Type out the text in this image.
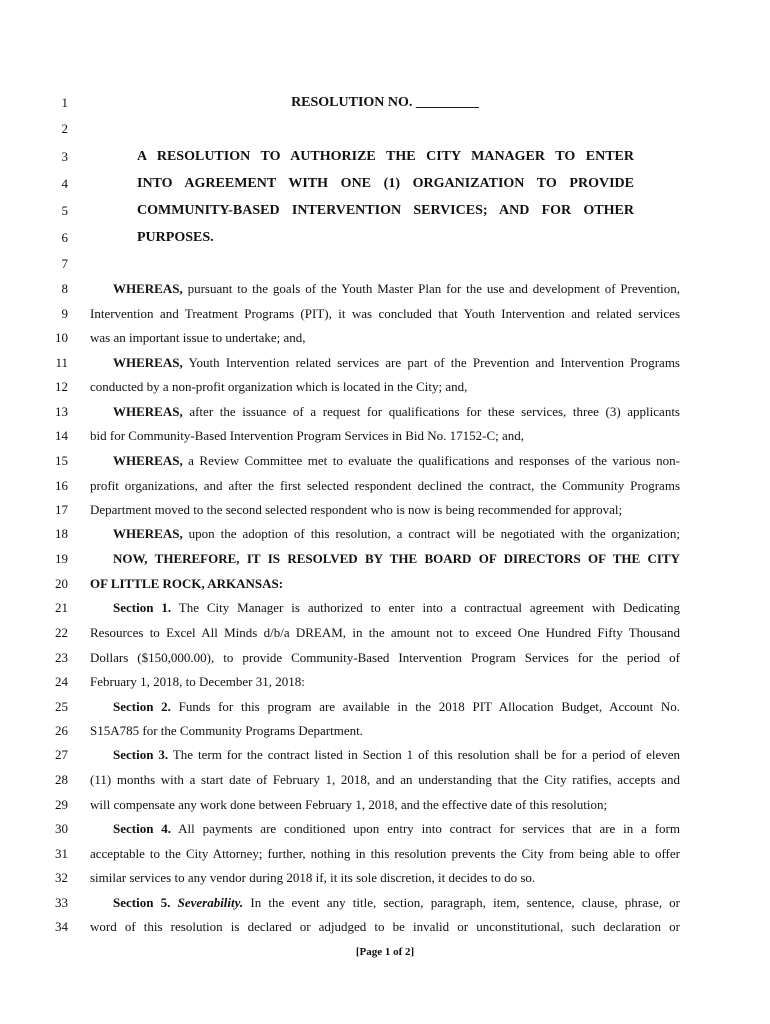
1	RESOLUTION NO. _________
2
3	A RESOLUTION TO AUTHORIZE THE CITY MANAGER TO ENTER
4	INTO AGREEMENT WITH ONE (1) ORGANIZATION TO PROVIDE
5	COMMUNITY-BASED INTERVENTION SERVICES; AND FOR OTHER
6	PURPOSES.
7
8	WHEREAS, pursuant to the goals of the Youth Master Plan for the use and development of Prevention,
9 Intervention and Treatment Programs (PIT), it was concluded that Youth Intervention and related services
10 was an important issue to undertake; and,
11	WHEREAS, Youth Intervention related services are part of the Prevention and Intervention Programs
12 conducted by a non-profit organization which is located in the City; and,
13	WHEREAS, after the issuance of a request for qualifications for these services, three (3) applicants
14 bid for Community-Based Intervention Program Services in Bid No. 17152-C; and,
15	WHEREAS, a Review Committee met to evaluate the qualifications and responses of the various non-
16 profit organizations, and after the first selected respondent declined the contract, the Community Programs
17 Department moved to the second selected respondent who is now is being recommended for approval;
18	WHEREAS, upon the adoption of this resolution, a contract will be negotiated with the organization;
19	NOW, THEREFORE, IT IS RESOLVED BY THE BOARD OF DIRECTORS OF THE CITY
20 OF LITTLE ROCK, ARKANSAS:
21	Section 1. The City Manager is authorized to enter into a contractual agreement with Dedicating
22 Resources to Excel All Minds d/b/a DREAM, in the amount not to exceed One Hundred Fifty Thousand
23 Dollars ($150,000.00), to provide Community-Based Intervention Program Services for the period of
24 February 1, 2018, to December 31, 2018:
25	Section 2. Funds for this program are available in the 2018 PIT Allocation Budget, Account No.
26 S15A785 for the Community Programs Department.
27	Section 3. The term for the contract listed in Section 1 of this resolution shall be for a period of eleven
28 (11) months with a start date of February 1, 2018, and an understanding that the City ratifies, accepts and
29 will compensate any work done between February 1, 2018, and the effective date of this resolution;
30	Section 4. All payments are conditioned upon entry into contract for services that are in a form
31 acceptable to the City Attorney; further, nothing in this resolution prevents the City from being able to offer
32 similar services to any vendor during 2018 if, it its sole discretion, it decides to do so.
33	Section 5. Severability. In the event any title, section, paragraph, item, sentence, clause, phrase, or
34 word of this resolution is declared or adjudged to be invalid or unconstitutional, such declaration or
[Page 1 of 2]
